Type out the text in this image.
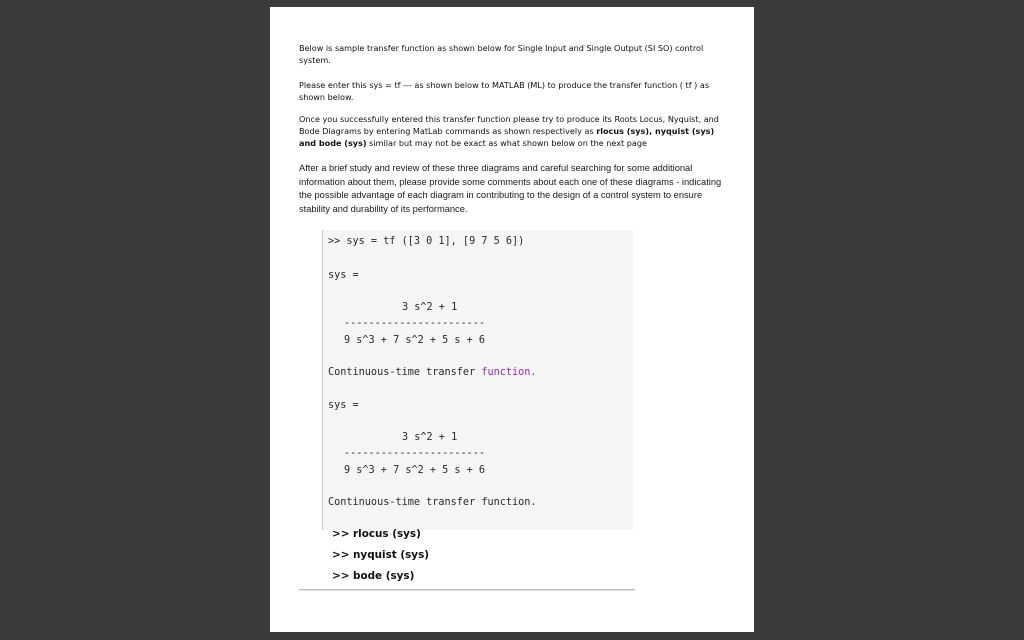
Below is sample transfer function as shown below for Single Input and Single Output (SI SO) control system.

Please enter this sys = tf --- as shown below to MATLAB (ML) to produce the transfer function ( tf ) as shown below.

Once you successfully entered this transfer function please try to produce its Roots Locus, Nyquist, and Bode Diagrams by entering MatLab commands as shown respectively as rlocus (sys), nyquist (sys) and bode (sys) similar but may not be exact as what shown below on the next page

After a brief study and review of these three diagrams and careful searching for some additional information about them, please provide some comments about each one of these diagrams - indicating the possible advantage of each diagram in contributing to the design of a control system to ensure stability and durability of its performance.

>> sys = tf ([3 0 1], [9 7 5 6])
sys =
3 s^2 + 1
-----------------------
9 s^3 + 7 s^2 + 5 s + 6
Continuous-time transfer function.
sys =
3 s^2 + 1
-----------------------
9 s^3 + 7 s^2 + 5 s + 6
Continuous-time transfer function.
>> rlocus (sys)
>> nyquist (sys)
>> bode (sys)
